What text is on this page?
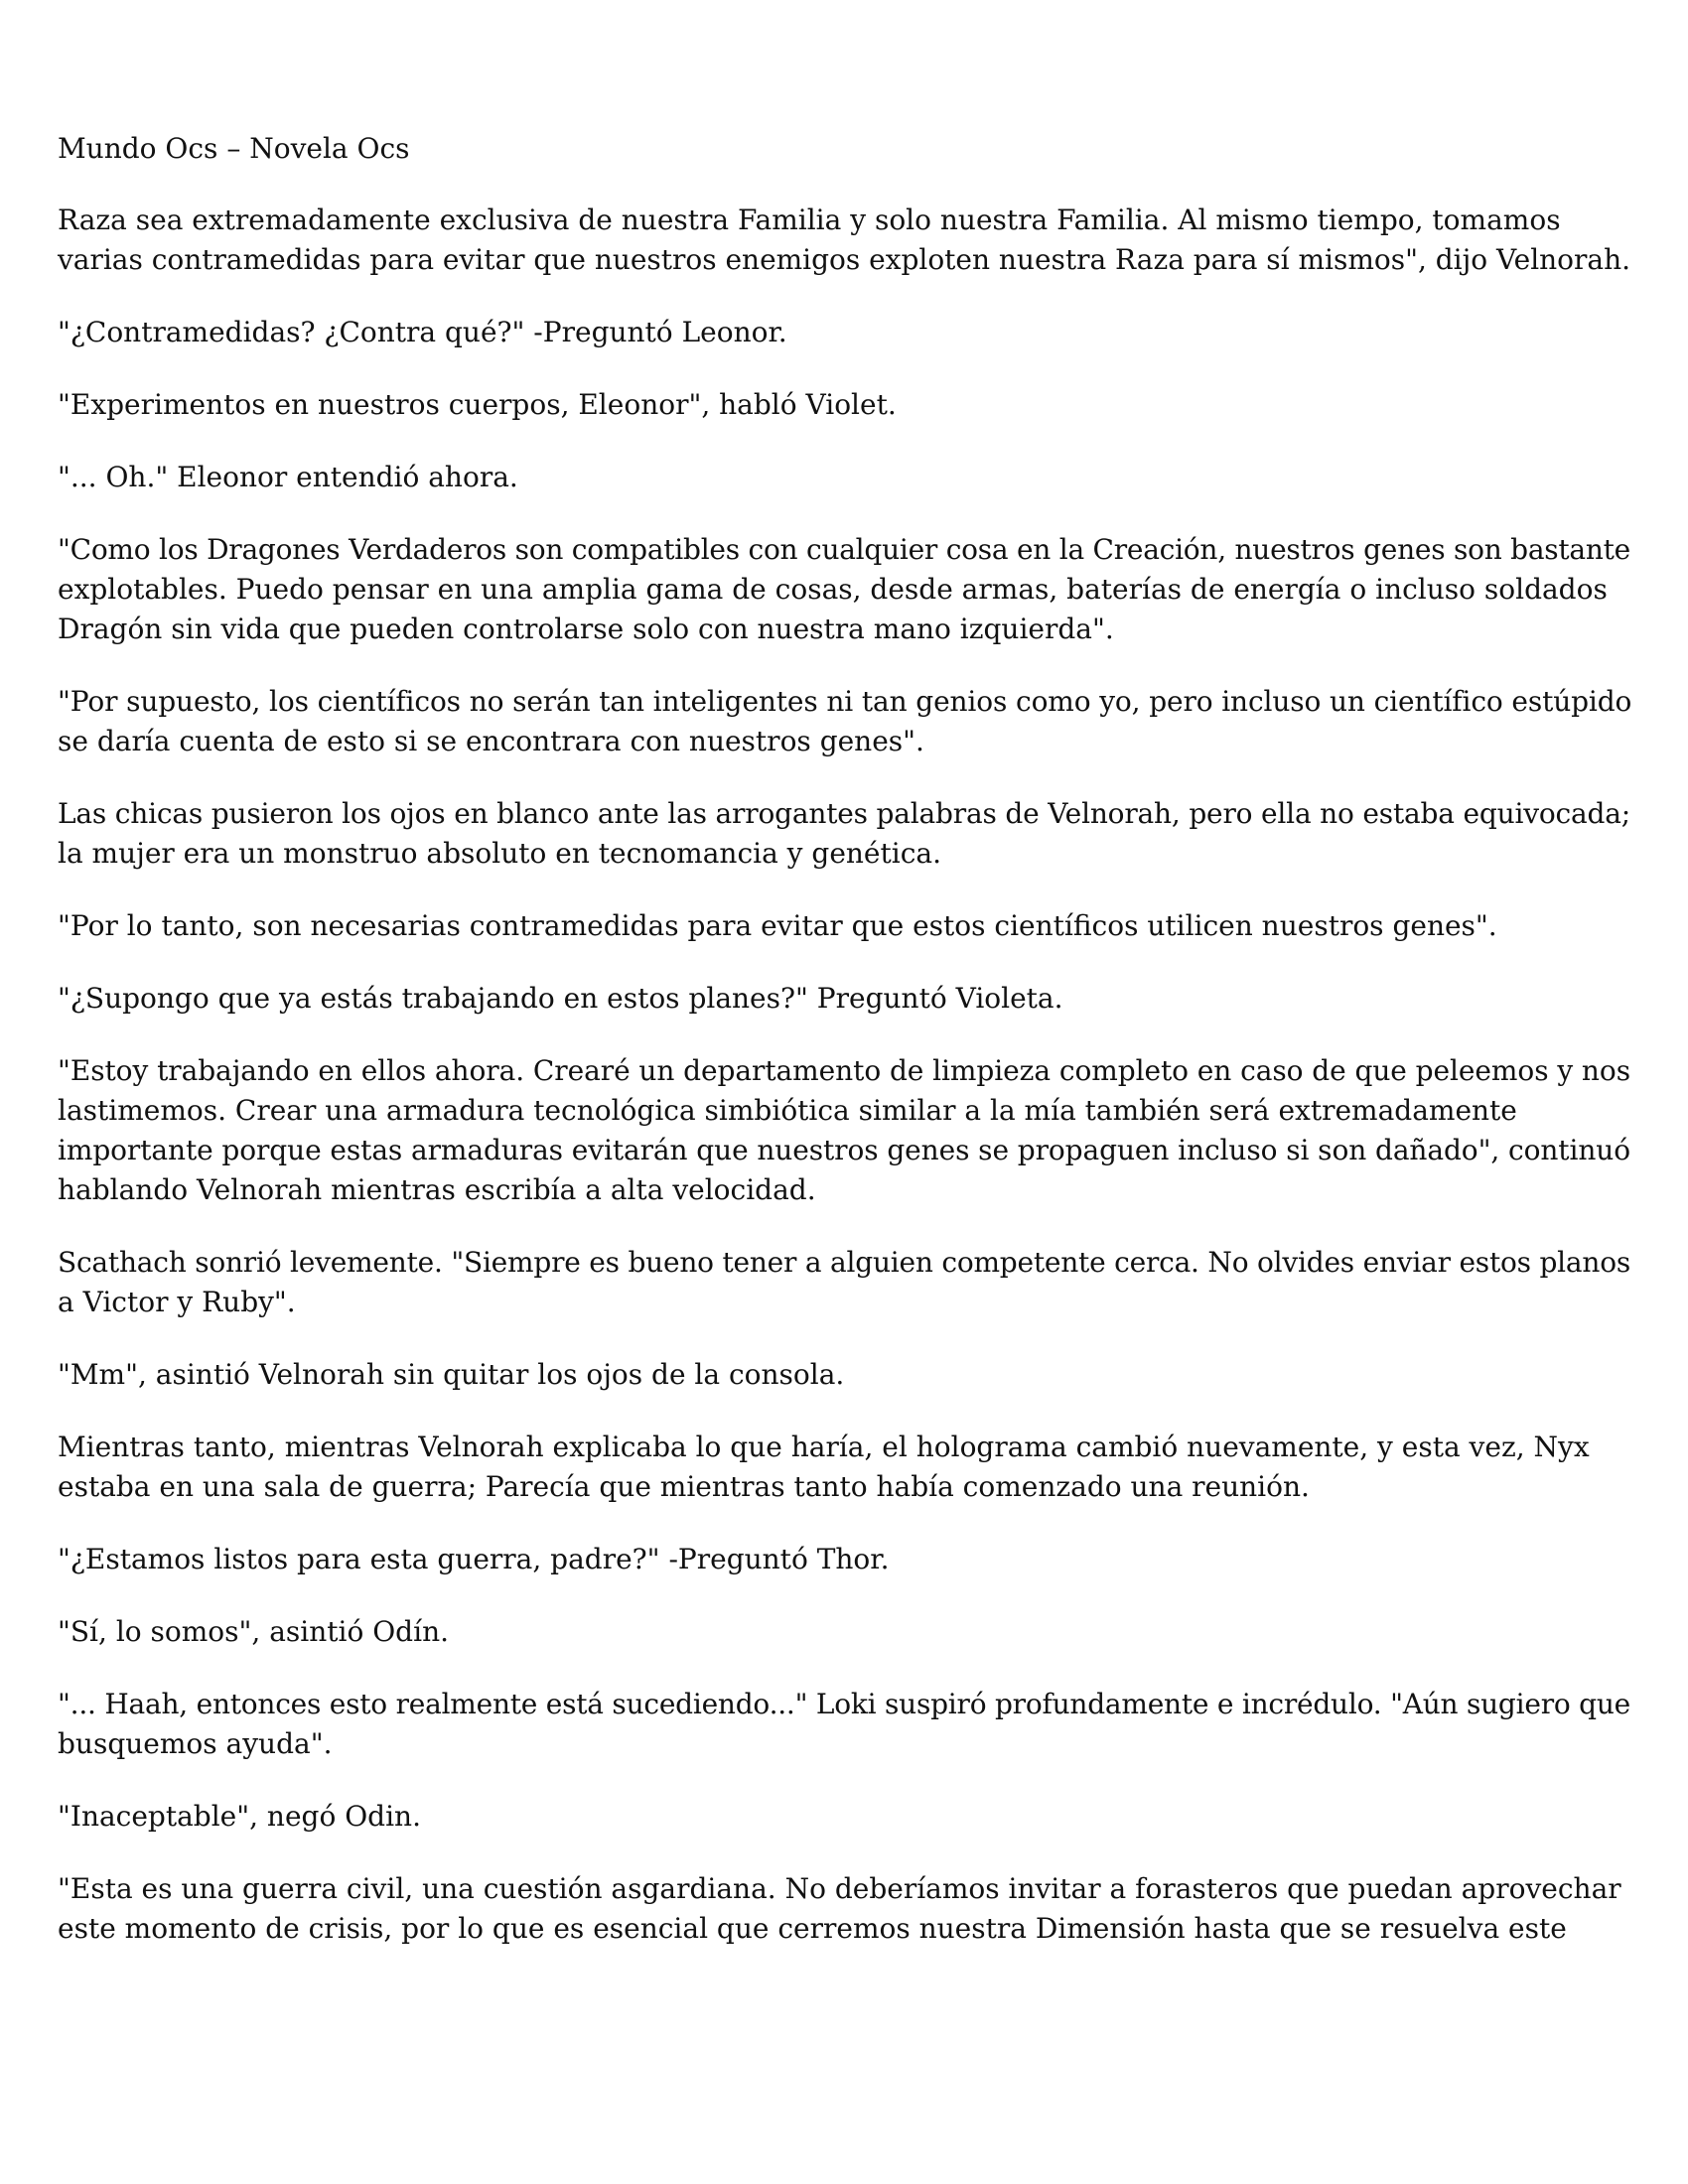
Mundo Ocs – Novela Ocs
Raza sea extremadamente exclusiva de nuestra Familia y solo nuestra Familia. Al mismo tiempo, tomamos
varias contramedidas para evitar que nuestros enemigos exploten nuestra Raza para sí mismos", dijo Velnorah.
"¿Contramedidas? ¿Contra qué?" -Preguntó Leonor.
"Experimentos en nuestros cuerpos, Eleonor", habló Violet.
"... Oh." Eleonor entendió ahora.
"Como los Dragones Verdaderos son compatibles con cualquier cosa en la Creación, nuestros genes son bastante
explotables. Puedo pensar en una amplia gama de cosas, desde armas, baterías de energía o incluso soldados
Dragón sin vida que pueden controlarse solo con nuestra mano izquierda".
"Por supuesto, los científicos no serán tan inteligentes ni tan genios como yo, pero incluso un científico estúpido
se daría cuenta de esto si se encontrara con nuestros genes".
Las chicas pusieron los ojos en blanco ante las arrogantes palabras de Velnorah, pero ella no estaba equivocada;
la mujer era un monstruo absoluto en tecnomancia y genética.
"Por lo tanto, son necesarias contramedidas para evitar que estos científicos utilicen nuestros genes".
"¿Supongo que ya estás trabajando en estos planes?" Preguntó Violeta.
"Estoy trabajando en ellos ahora. Crearé un departamento de limpieza completo en caso de que peleemos y nos
lastimemos. Crear una armadura tecnológica simbiótica similar a la mía también será extremadamente
importante porque estas armaduras evitarán que nuestros genes se propaguen incluso si son dañado", continuó
hablando Velnorah mientras escribía a alta velocidad.
Scathach sonrió levemente. "Siempre es bueno tener a alguien competente cerca. No olvides enviar estos planos
a Victor y Ruby".
"Mm", asintió Velnorah sin quitar los ojos de la consola.
Mientras tanto, mientras Velnorah explicaba lo que haría, el holograma cambió nuevamente, y esta vez, Nyx
estaba en una sala de guerra; Parecía que mientras tanto había comenzado una reunión.
"¿Estamos listos para esta guerra, padre?" -Preguntó Thor.
"Sí, lo somos", asintió Odín.
"... Haah, entonces esto realmente está sucediendo..." Loki suspiró profundamente e incrédulo. "Aún sugiero que
busquemos ayuda".
"Inaceptable", negó Odin.
"Esta es una guerra civil, una cuestión asgardiana. No deberíamos invitar a forasteros que puedan aprovechar
este momento de crisis, por lo que es esencial que cerremos nuestra Dimensión hasta que se resuelva este
